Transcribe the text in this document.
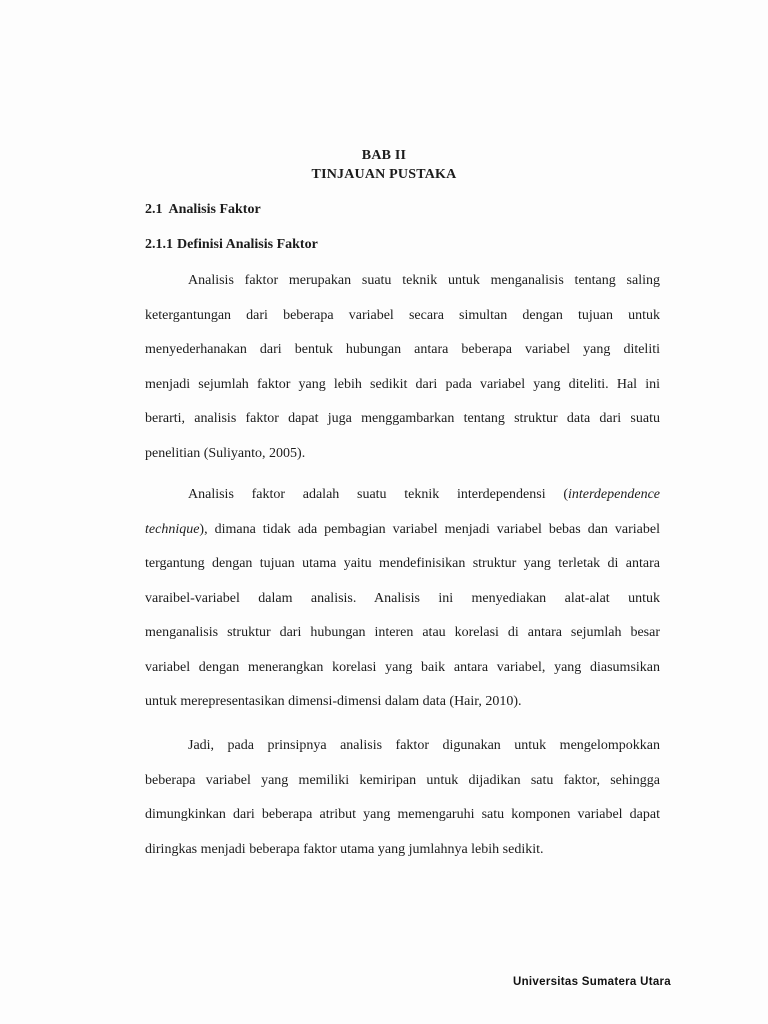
BAB II
TINJAUAN PUSTAKA
2.1 Analisis Faktor
2.1.1 Definisi Analisis Faktor
Analisis faktor merupakan suatu teknik untuk menganalisis tentang saling
ketergantungan dari beberapa variabel secara simultan dengan tujuan untuk
menyederhanakan dari bentuk hubungan antara beberapa variabel yang diteliti
menjadi sejumlah faktor yang lebih sedikit dari pada variabel yang diteliti. Hal ini
berarti, analisis faktor dapat juga menggambarkan tentang struktur data dari suatu
penelitian (Suliyanto, 2005).
Analisis faktor adalah suatu teknik interdependensi (interdependence
technique), dimana tidak ada pembagian variabel menjadi variabel bebas dan variabel
tergantung dengan tujuan utama yaitu mendefinisikan struktur yang terletak di antara
varaibel-variabel dalam analisis. Analisis ini menyediakan alat-alat untuk
menganalisis struktur dari hubungan interen atau korelasi di antara sejumlah besar
variabel dengan menerangkan korelasi yang baik antara variabel, yang diasumsikan
untuk merepresentasikan dimensi-dimensi dalam data (Hair, 2010).
Jadi, pada prinsipnya analisis faktor digunakan untuk mengelompokkan
beberapa variabel yang memiliki kemiripan untuk dijadikan satu faktor, sehingga
dimungkinkan dari beberapa atribut yang memengaruhi satu komponen variabel dapat
diringkas menjadi beberapa faktor utama yang jumlahnya lebih sedikit.
Universitas Sumatera Utara
